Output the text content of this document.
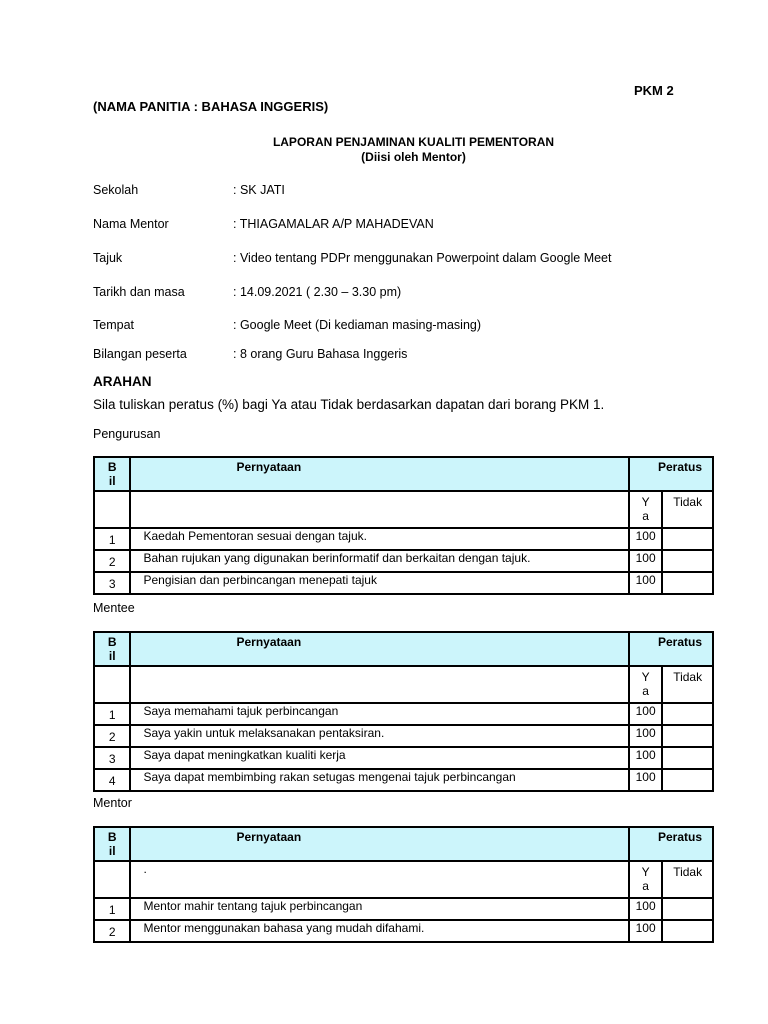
PKM 2
(NAMA PANITIA : BAHASA INGGERIS)
LAPORAN PENJAMINAN KUALITI PEMENTORAN
(Diisi oleh Mentor)
Sekolah	: SK JATI
Nama Mentor	: THIAGAMALAR A/P MAHADEVAN
Tajuk	: Video tentang PDPr menggunakan Powerpoint dalam Google Meet
Tarikh dan masa	: 14.09.2021 ( 2.30 – 3.30 pm)
Tempat	: Google Meet (Di kediaman masing-masing)
Bilangan peserta	: 8 orang Guru Bahasa Inggeris
ARAHAN
Sila tuliskan peratus (%) bagi Ya atau Tidak berdasarkan dapatan dari borang PKM 1.
Pengurusan
B
il	Pernyataan	Peratus	
		Y
a	Tidak
1	Kaedah Pementoran sesuai dengan tajuk.	100	
2	Bahan rujukan yang digunakan berinformatif dan berkaitan dengan tajuk.	100	
3	Pengisian dan perbincangan menepati tajuk	100	
Mentee
B
il	Pernyataan	Peratus	
		Y
a	Tidak
1	Saya memahami tajuk perbincangan	100	
2	Saya yakin untuk melaksanakan pentaksiran.	100	
3	Saya dapat meningkatkan kualiti kerja	100	
4	Saya dapat membimbing rakan setugas mengenai tajuk perbincangan	100	
Mentor
B
il	Pernyataan	Peratus	
	.	Y
a	Tidak
1	Mentor mahir tentang tajuk perbincangan	100	
2	Mentor menggunakan bahasa yang mudah difahami.	100	
